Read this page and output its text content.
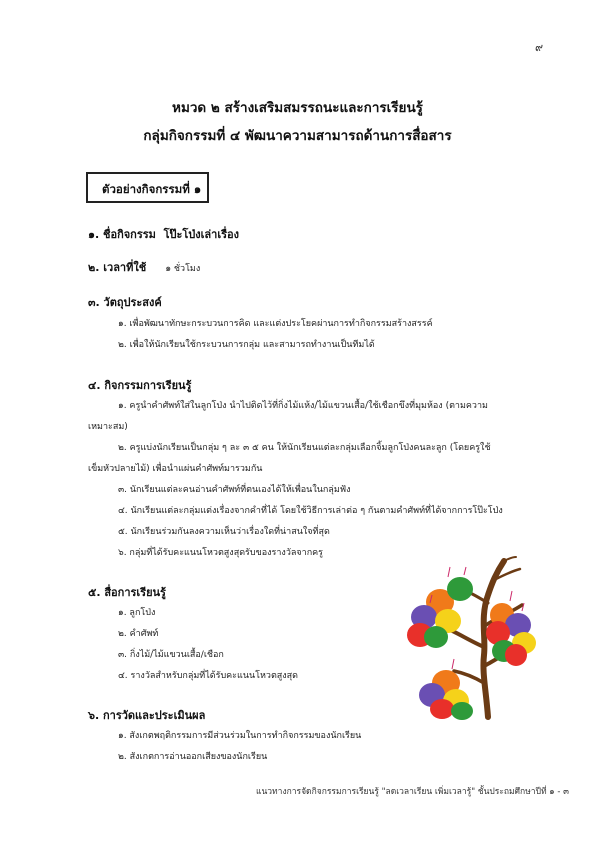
๙
หมวด ๒ สร้างเสริมสมรรถนะและการเรียนรู้
กลุ่มกิจกรรมที่ ๔ พัฒนาความสามารถด้านการสื่อสาร
ตัวอย่างกิจกรรมที่ ๑
๑. ชื่อกิจกรรม โป๊ะโป่งเล่าเรื่อง
๒. เวลาที่ใช้ ๑ ชั่วโมง
๓. วัตถุประสงค์
๑. เพื่อพัฒนาทักษะกระบวนการคิด และแต่งประโยคผ่านการทำกิจกรรมสร้างสรรค์
๒. เพื่อให้นักเรียนใช้กระบวนการกลุ่ม และสามารถทำงานเป็นทีมได้
๔. กิจกรรมการเรียนรู้
๑. ครูนำคำศัพท์ใส่ในลูกโป่ง นำไปติดไว้ที่กิ่งไม้แห้ง/ไม้แขวนเสื้อ/ใช้เชือกขึงที่มุมห้อง (ตามความ
เหมาะสม)
๒. ครูแบ่งนักเรียนเป็นกลุ่ม ๆ ละ ๓ ๕ คน ให้นักเรียนแต่ละกลุ่มเลือกจิ้มลูกโป่งคนละลูก (โดยครูใช้
เข็มหัวปลายไม้) เพื่อนำแผ่นคำศัพท์มารวมกัน
๓. นักเรียนแต่ละคนอ่านคำศัพท์ที่ตนเองได้ให้เพื่อนในกลุ่มฟัง
๔. นักเรียนแต่ละกลุ่มแต่งเรื่องจากคำที่ได้ โดยใช้วิธีการเล่าต่อ ๆ กันตามคำศัพท์ที่ได้จากการโป๊ะโป่ง
๕. นักเรียนร่วมกันลงความเห็นว่าเรื่องใดที่น่าสนใจที่สุด
๖. กลุ่มที่ได้รับคะแนนโหวตสูงสุดรับของรางวัลจากครู
๕. สื่อการเรียนรู้
๑. ลูกโป่ง
๒. คำศัพท์
๓. กิ่งไม้/ไม้แขวนเสื้อ/เชือก
๔. รางวัลสำหรับกลุ่มที่ได้รับคะแนนโหวตสูงสุด
๖. การวัดและประเมินผล
๑. สังเกตพฤติกรรมการมีส่วนร่วมในการทำกิจกรรมของนักเรียน
๒. สังเกตการอ่านออกเสียงของนักเรียน
แนวทางการจัดกิจกรรมการเรียนรู้ "ลดเวลาเรียน เพิ่มเวลารู้" ชั้นประถมศึกษาปีที่ ๑ - ๓
